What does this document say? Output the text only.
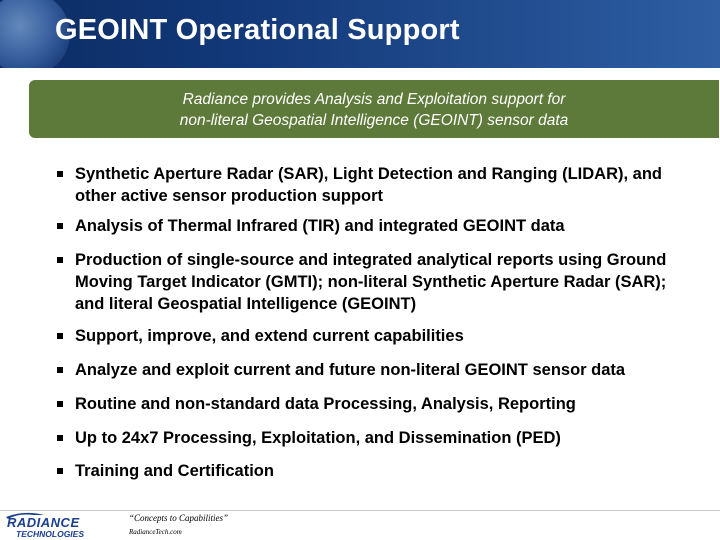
GEOINT Operational Support
Radiance provides Analysis and Exploitation support for
non-literal Geospatial Intelligence (GEOINT) sensor data
Synthetic Aperture Radar (SAR), Light Detection and Ranging (LIDAR), and other active sensor production support
Analysis of Thermal Infrared (TIR) and integrated GEOINT data
Production of single-source and integrated analytical reports using Ground Moving Target Indicator (GMTI); non-literal Synthetic Aperture Radar (SAR); and literal Geospatial Intelligence (GEOINT)
Support, improve, and extend current capabilities
Analyze and exploit current and future non-literal GEOINT sensor data
Routine and non-standard data Processing, Analysis, Reporting
Up to 24x7 Processing, Exploitation, and Dissemination (PED)
Training and Certification
RADIANCE
TECHNOLOGIES
“Concepts to Capabilities”
RadianceTech.com
